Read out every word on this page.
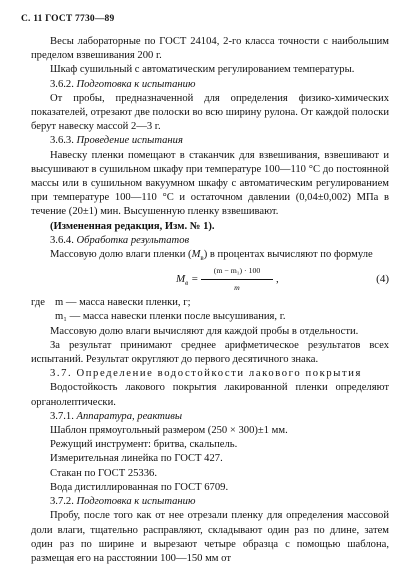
С. 11 ГОСТ 7730—89

Весы лабораторные по ГОСТ 24104, 2-го класса точности с наибольшим пределом взвешивания 200 г.

Шкаф сушильный с автоматическим регулированием температуры.

3.6.2. Подготовка к испытанию

От пробы, предназначенной для определения физико-химических показателей, отрезают две полоски во всю ширину рулона. От каждой полоски берут навеску массой 2—3 г.

3.6.3. Проведение испытания

Навеску пленки помещают в стаканчик для взвешивания, взвешивают и высушивают в сушильном шкафу при температуре 100—110 °С до постоянной массы или в сушильном вакуумном шкафу с автоматическим регулированием при температуре 100—110 °С и остаточном давлении (0,04±0,002) МПа в течение (20±1) мин. Высушенную пленку взвешивают.

(Измененная редакция, Изм. № 1).

3.6.4. Обработка результатов

Массовую долю влаги пленки $(M_в)$ в процентах вычисляют по формуле

$M_в = \frac{\text{(m − m₁) · 100}}{m}$ ,	(4)

где m — масса навески пленки, г;

m₁ — масса навески пленки после высушивания, г.

Массовую долю влаги вычисляют для каждой пробы в отдельности.

За результат принимают среднее арифметическое результатов всех испытаний. Результат округляют до первого десятичного знака.

3.7. Определение водостойкости лакового покрытия

Водостойкость лакового покрытия лакированной пленки определяют органолептически.

3.7.1. Аппаратура, реактивы

Шаблон прямоугольный размером (250 × 300)±1 мм.

Режущий инструмент: бритва, скальпель.

Измерительная линейка по ГОСТ 427.

Стакан по ГОСТ 25336.

Вода дистиллированная по ГОСТ 6709.

3.7.2. Подготовка к испытанию

Пробу, после того как от нее отрезали пленку для определения массовой доли влаги, тщательно расправляют, складывают один раз по длине, затем один раз по ширине и вырезают четыре образца с помощью шаблона, размещая его на расстоянии 100—150 мм от
